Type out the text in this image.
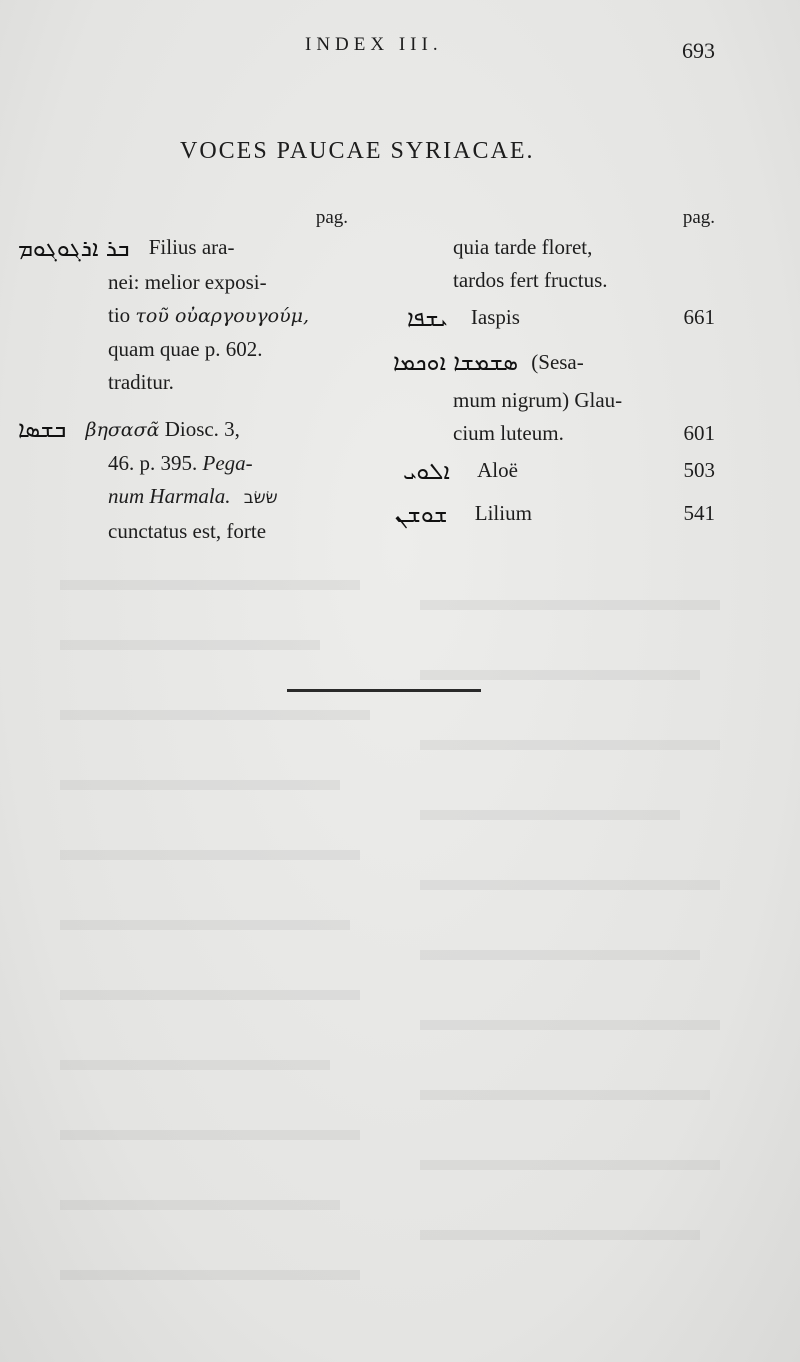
INDEX III.	693
VOCES PAUCAE SYRIACAE.
pag.
ܒܪ ܐܪܓܘܓܘܡ Filius ara-
nei: melior exposi-
tio τοῦ οὐαργουγούμ,
quam quae p. 602.
traditur.
ܒܫܣܐ βησασᾶ Diosc. 3,
46. p. 395. Pega-
num Harmala. שׂשׂב
cunctatus est, forte
pag.
quia tarde floret,
tardos fert fructus.
ܝܫܦܐ Iaspis	661
ܣܫܡܫܐ ܐܘܟܡܐ (Sesa-
mum nigrum) Glau-
cium luteum.	601
ܐܠܘܝ Aloë	503
ܫܘܫܢ Lilium	541
